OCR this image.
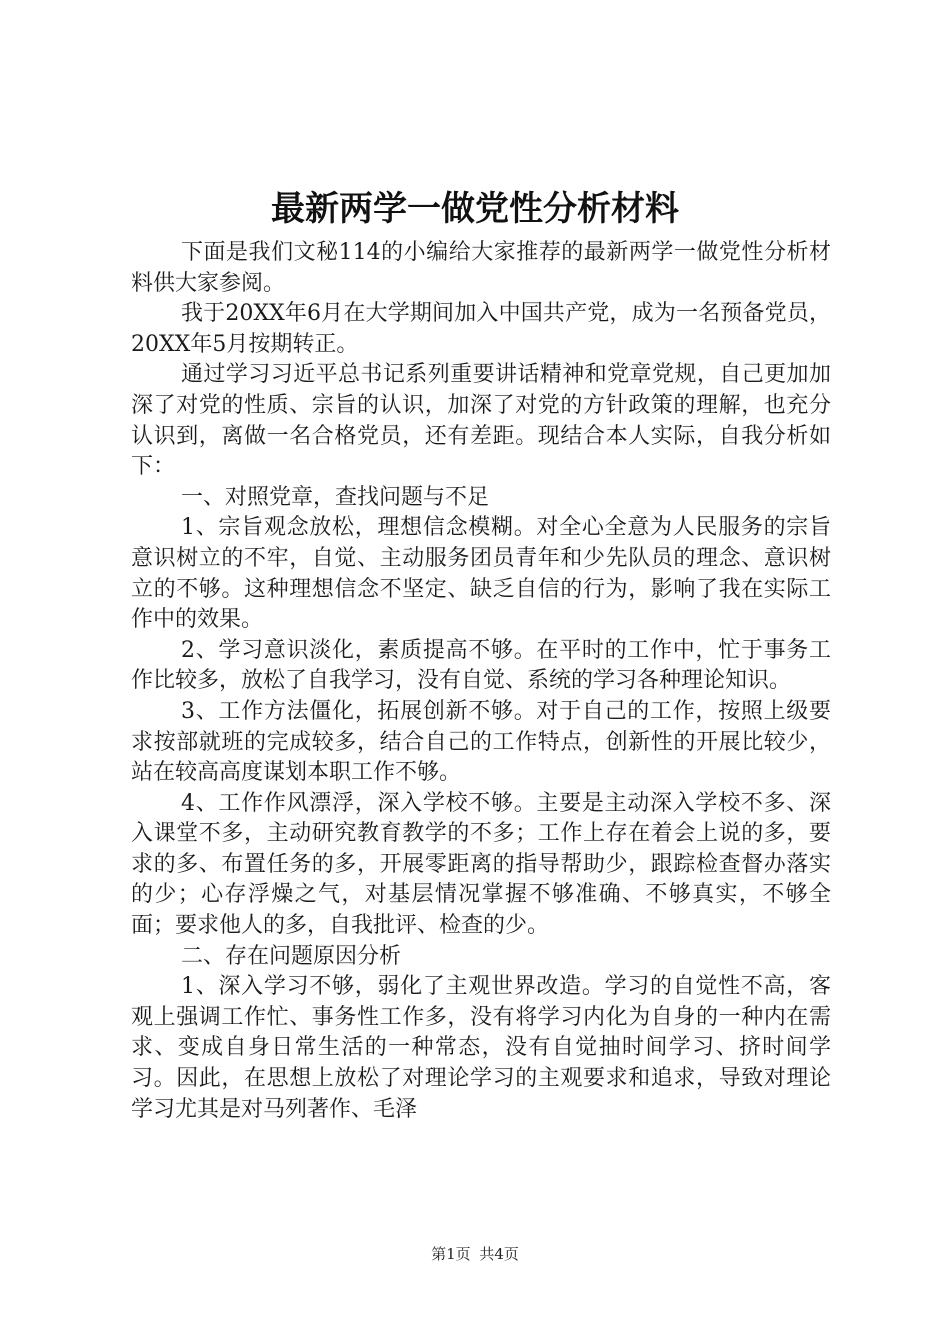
最新两学一做党性分析材料

下面是我们文秘114的小编给大家推荐的最新两学一做党性分析材料供大家参阅。

我于20XX年6月在大学期间加入中国共产党，成为一名预备党员，20XX年5月按期转正。

通过学习习近平总书记系列重要讲话精神和党章党规，自己更加加深了对党的性质、宗旨的认识，加深了对党的方针政策的理解，也充分认识到，离做一名合格党员，还有差距。现结合本人实际，自我分析如下：

一、对照党章，查找问题与不足

1、宗旨观念放松，理想信念模糊。对全心全意为人民服务的宗旨意识树立的不牢，自觉、主动服务团员青年和少先队员的理念、意识树立的不够。这种理想信念不坚定、缺乏自信的行为，影响了我在实际工作中的效果。

2、学习意识淡化，素质提高不够。在平时的工作中，忙于事务工作比较多，放松了自我学习，没有自觉、系统的学习各种理论知识。

3、工作方法僵化，拓展创新不够。对于自己的工作，按照上级要求按部就班的完成较多，结合自己的工作特点，创新性的开展比较少，站在较高高度谋划本职工作不够。

4、工作作风漂浮，深入学校不够。主要是主动深入学校不多、深入课堂不多，主动研究教育教学的不多；工作上存在着会上说的多，要求的多、布置任务的多，开展零距离的指导帮助少，跟踪检查督办落实的少；心存浮燥之气，对基层情况掌握不够准确、不够真实，不够全面；要求他人的多，自我批评、检查的少。

二、存在问题原因分析

1、深入学习不够，弱化了主观世界改造。学习的自觉性不高，客观上强调工作忙、事务性工作多，没有将学习内化为自身的一种内在需求、变成自身日常生活的一种常态，没有自觉抽时间学习、挤时间学习。因此，在思想上放松了对理论学习的主观要求和追求，导致对理论学习尤其是对马列著作、毛泽

第1页 共4页
